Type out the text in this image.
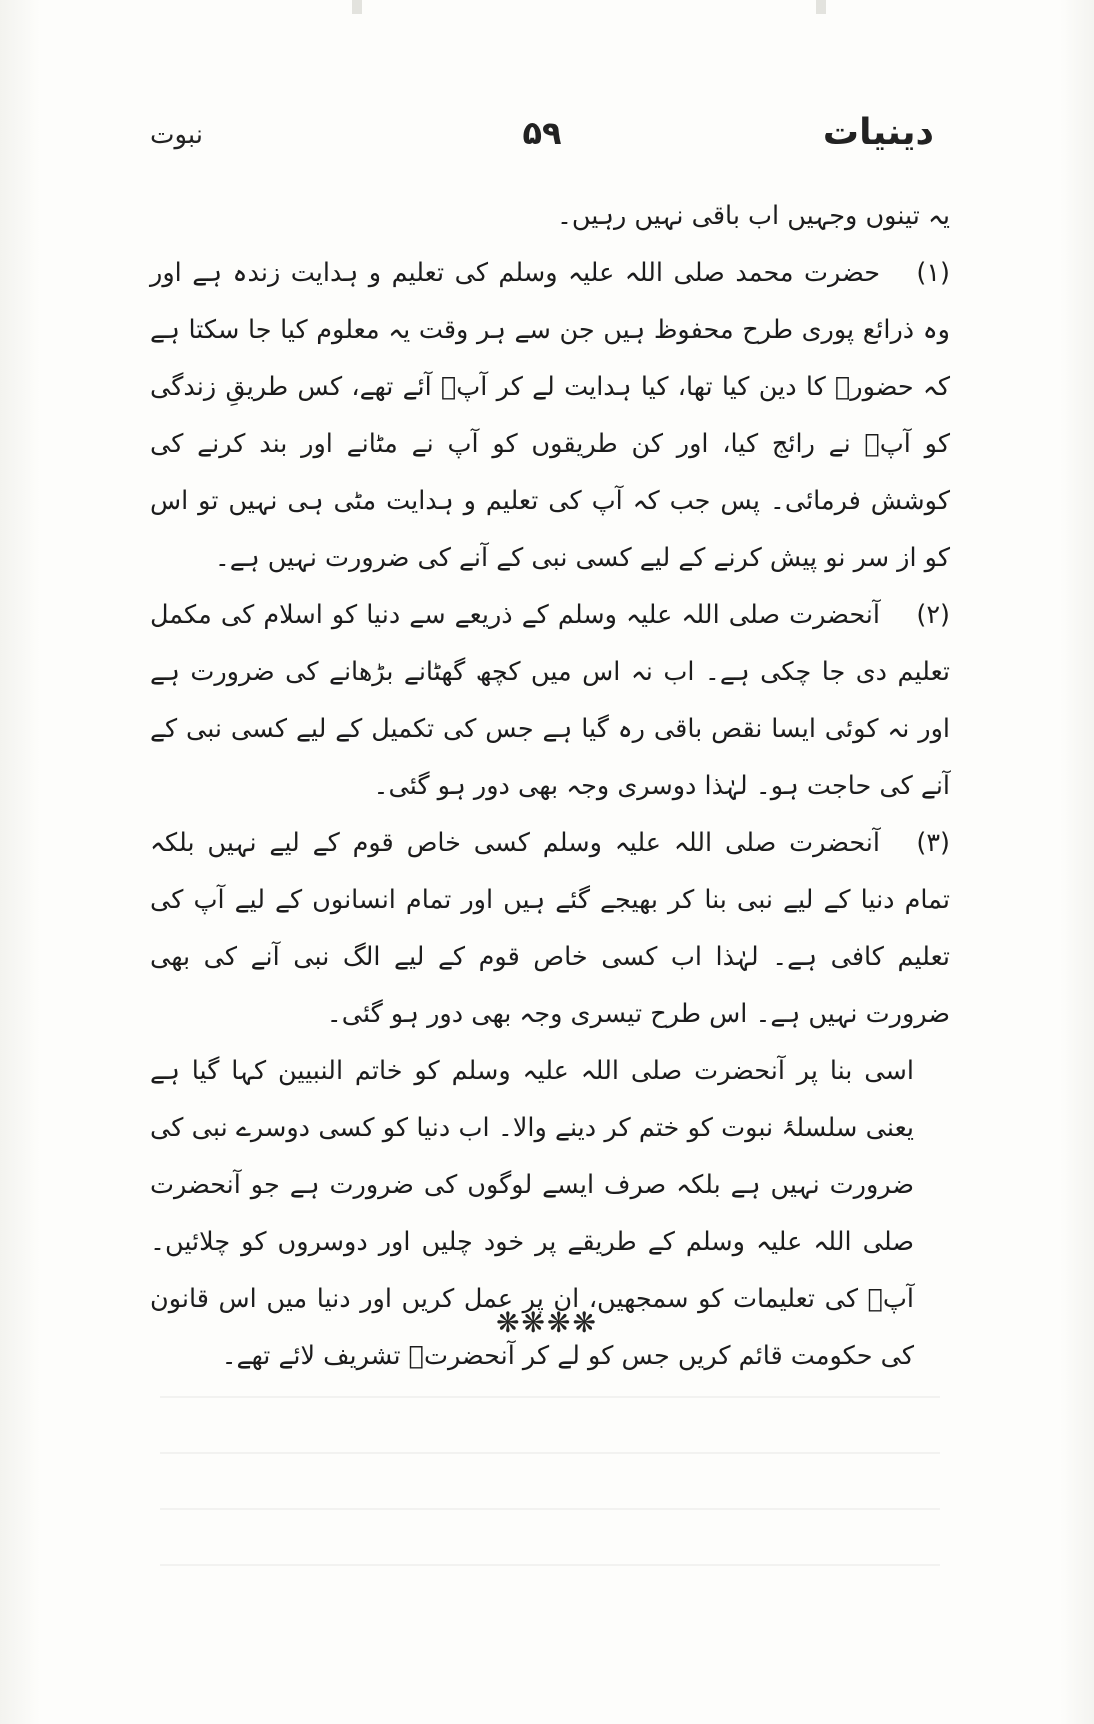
دینیات
۵۹
نبوت

یہ تینوں وجہیں اب باقی نہیں رہیں۔

(۱)حضرت محمد صلی اللہ علیہ وسلم کی تعلیم و ہدایت زندہ ہے اور وہ ذرائع پوری طرح محفوظ ہیں جن سے ہر وقت یہ معلوم کیا جا سکتا ہے کہ حضورؐ کا دین کیا تھا، کیا ہدایت لے کر آپؐ آئے تھے، کس طریقِ زندگی کو آپؐ نے رائج کیا، اور کن طریقوں کو آپ نے مٹانے اور بند کرنے کی کوشش فرمائی۔ پس جب کہ آپ کی تعلیم و ہدایت مٹی ہی نہیں تو اس کو از سر نو پیش کرنے کے لیے کسی نبی کے آنے کی ضرورت نہیں ہے۔

(۲)آنحضرت صلی اللہ علیہ وسلم کے ذریعے سے دنیا کو اسلام کی مکمل تعلیم دی جا چکی ہے۔ اب نہ اس میں کچھ گھٹانے بڑھانے کی ضرورت ہے اور نہ کوئی ایسا نقص باقی رہ گیا ہے جس کی تکمیل کے لیے کسی نبی کے آنے کی حاجت ہو۔ لہٰذا دوسری وجہ بھی دور ہو گئی۔

(۳)آنحضرت صلی اللہ علیہ وسلم کسی خاص قوم کے لیے نہیں بلکہ تمام دنیا کے لیے نبی بنا کر بھیجے گئے ہیں اور تمام انسانوں کے لیے آپ کی تعلیم کافی ہے۔ لہٰذا اب کسی خاص قوم کے لیے الگ نبی آنے کی بھی ضرورت نہیں ہے۔ اس طرح تیسری وجہ بھی دور ہو گئی۔

اسی بنا پر آنحضرت صلی اللہ علیہ وسلم کو خاتم النبیین کہا گیا ہے یعنی سلسلۂ نبوت کو ختم کر دینے والا۔ اب دنیا کو کسی دوسرے نبی کی ضرورت نہیں ہے بلکہ صرف ایسے لوگوں کی ضرورت ہے جو آنحضرت صلی اللہ علیہ وسلم کے طریقے پر خود چلیں اور دوسروں کو چلائیں۔ آپؐ کی تعلیمات کو سمجھیں، ان پر عمل کریں اور دنیا میں اس قانون کی حکومت قائم کریں جس کو لے کر آنحضرتؐ تشریف لائے تھے۔

❋❋❋❋
